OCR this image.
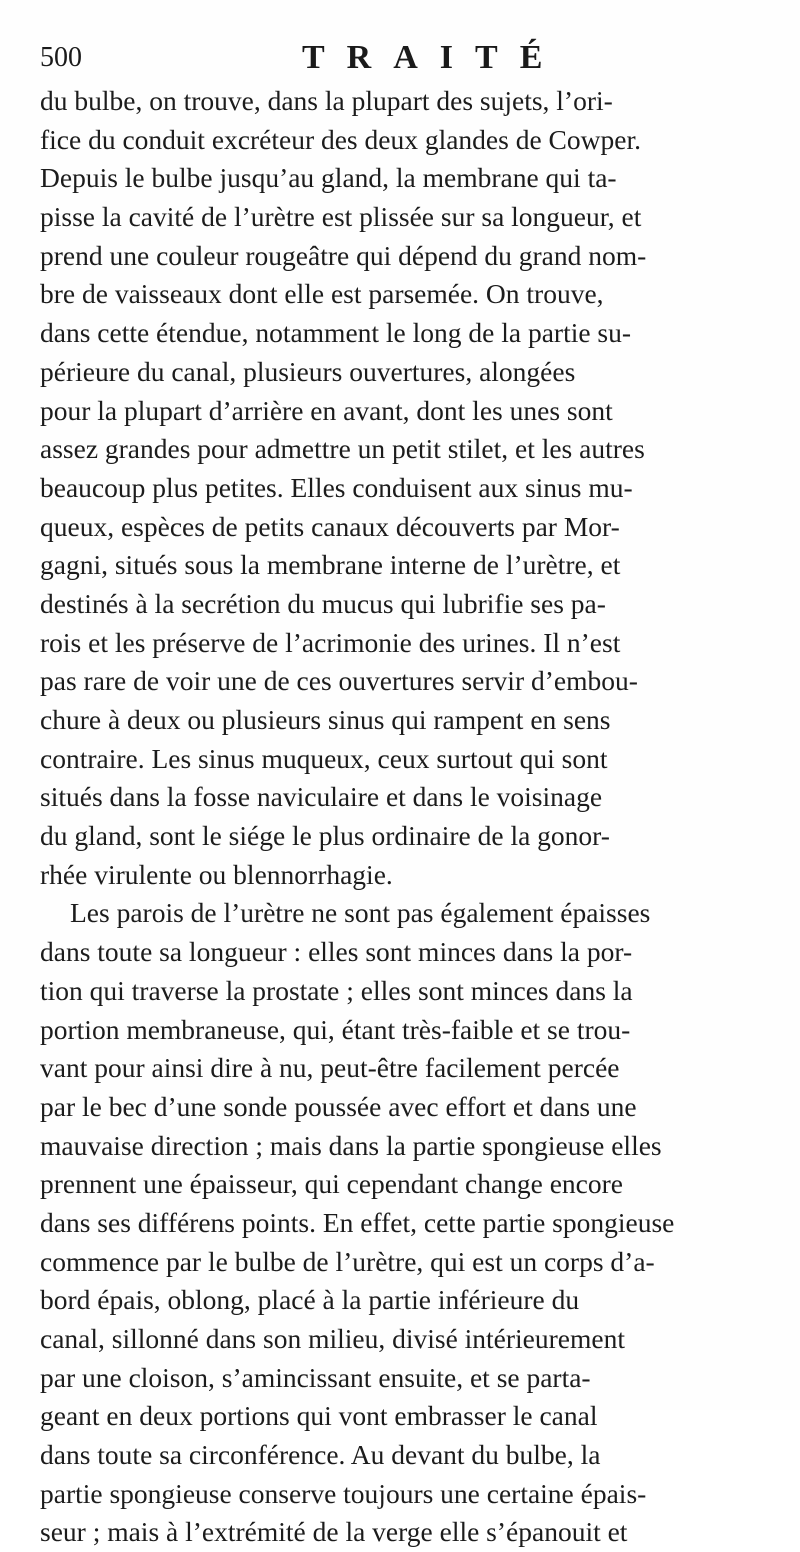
500	TRAITÉ
du bulbe, on trouve, dans la plupart des sujets, l’ori-
fice du conduit excréteur des deux glandes de Cowper.
Depuis le bulbe jusqu’au gland, la membrane qui ta-
pisse la cavité de l’urètre est plissée sur sa longueur, et
prend une couleur rougeâtre qui dépend du grand nom-
bre de vaisseaux dont elle est parsemée. On trouve,
dans cette étendue, notamment le long de la partie su-
périeure du canal, plusieurs ouvertures, alongées
pour la plupart d’arrière en avant, dont les unes sont
assez grandes pour admettre un petit stilet, et les autres
beaucoup plus petites. Elles conduisent aux sinus mu-
queux, espèces de petits canaux découverts par Mor-
gagni, situés sous la membrane interne de l’urètre, et
destinés à la secrétion du mucus qui lubrifie ses pa-
rois et les préserve de l’acrimonie des urines. Il n’est
pas rare de voir une de ces ouvertures servir d’embou-
chure à deux ou plusieurs sinus qui rampent en sens
contraire. Les sinus muqueux, ceux surtout qui sont
situés dans la fosse naviculaire et dans le voisinage
du gland, sont le siége le plus ordinaire de la gonor-
rhée virulente ou blennorrhagie.
Les parois de l’urètre ne sont pas également épaisses
dans toute sa longueur : elles sont minces dans la por-
tion qui traverse la prostate ; elles sont minces dans la
portion membraneuse, qui, étant très-faible et se trou-
vant pour ainsi dire à nu, peut-être facilement percée
par le bec d’une sonde poussée avec effort et dans une
mauvaise direction ; mais dans la partie spongieuse elles
prennent une épaisseur, qui cependant change encore
dans ses différens points. En effet, cette partie spongieuse
commence par le bulbe de l’urètre, qui est un corps d’a-
bord épais, oblong, placé à la partie inférieure du
canal, sillonné dans son milieu, divisé intérieurement
par une cloison, s’amincissant ensuite, et se parta-
geant en deux portions qui vont embrasser le canal
dans toute sa circonférence. Au devant du bulbe, la
partie spongieuse conserve toujours une certaine épais-
seur ; mais à l’extrémité de la verge elle s’épanouit et
